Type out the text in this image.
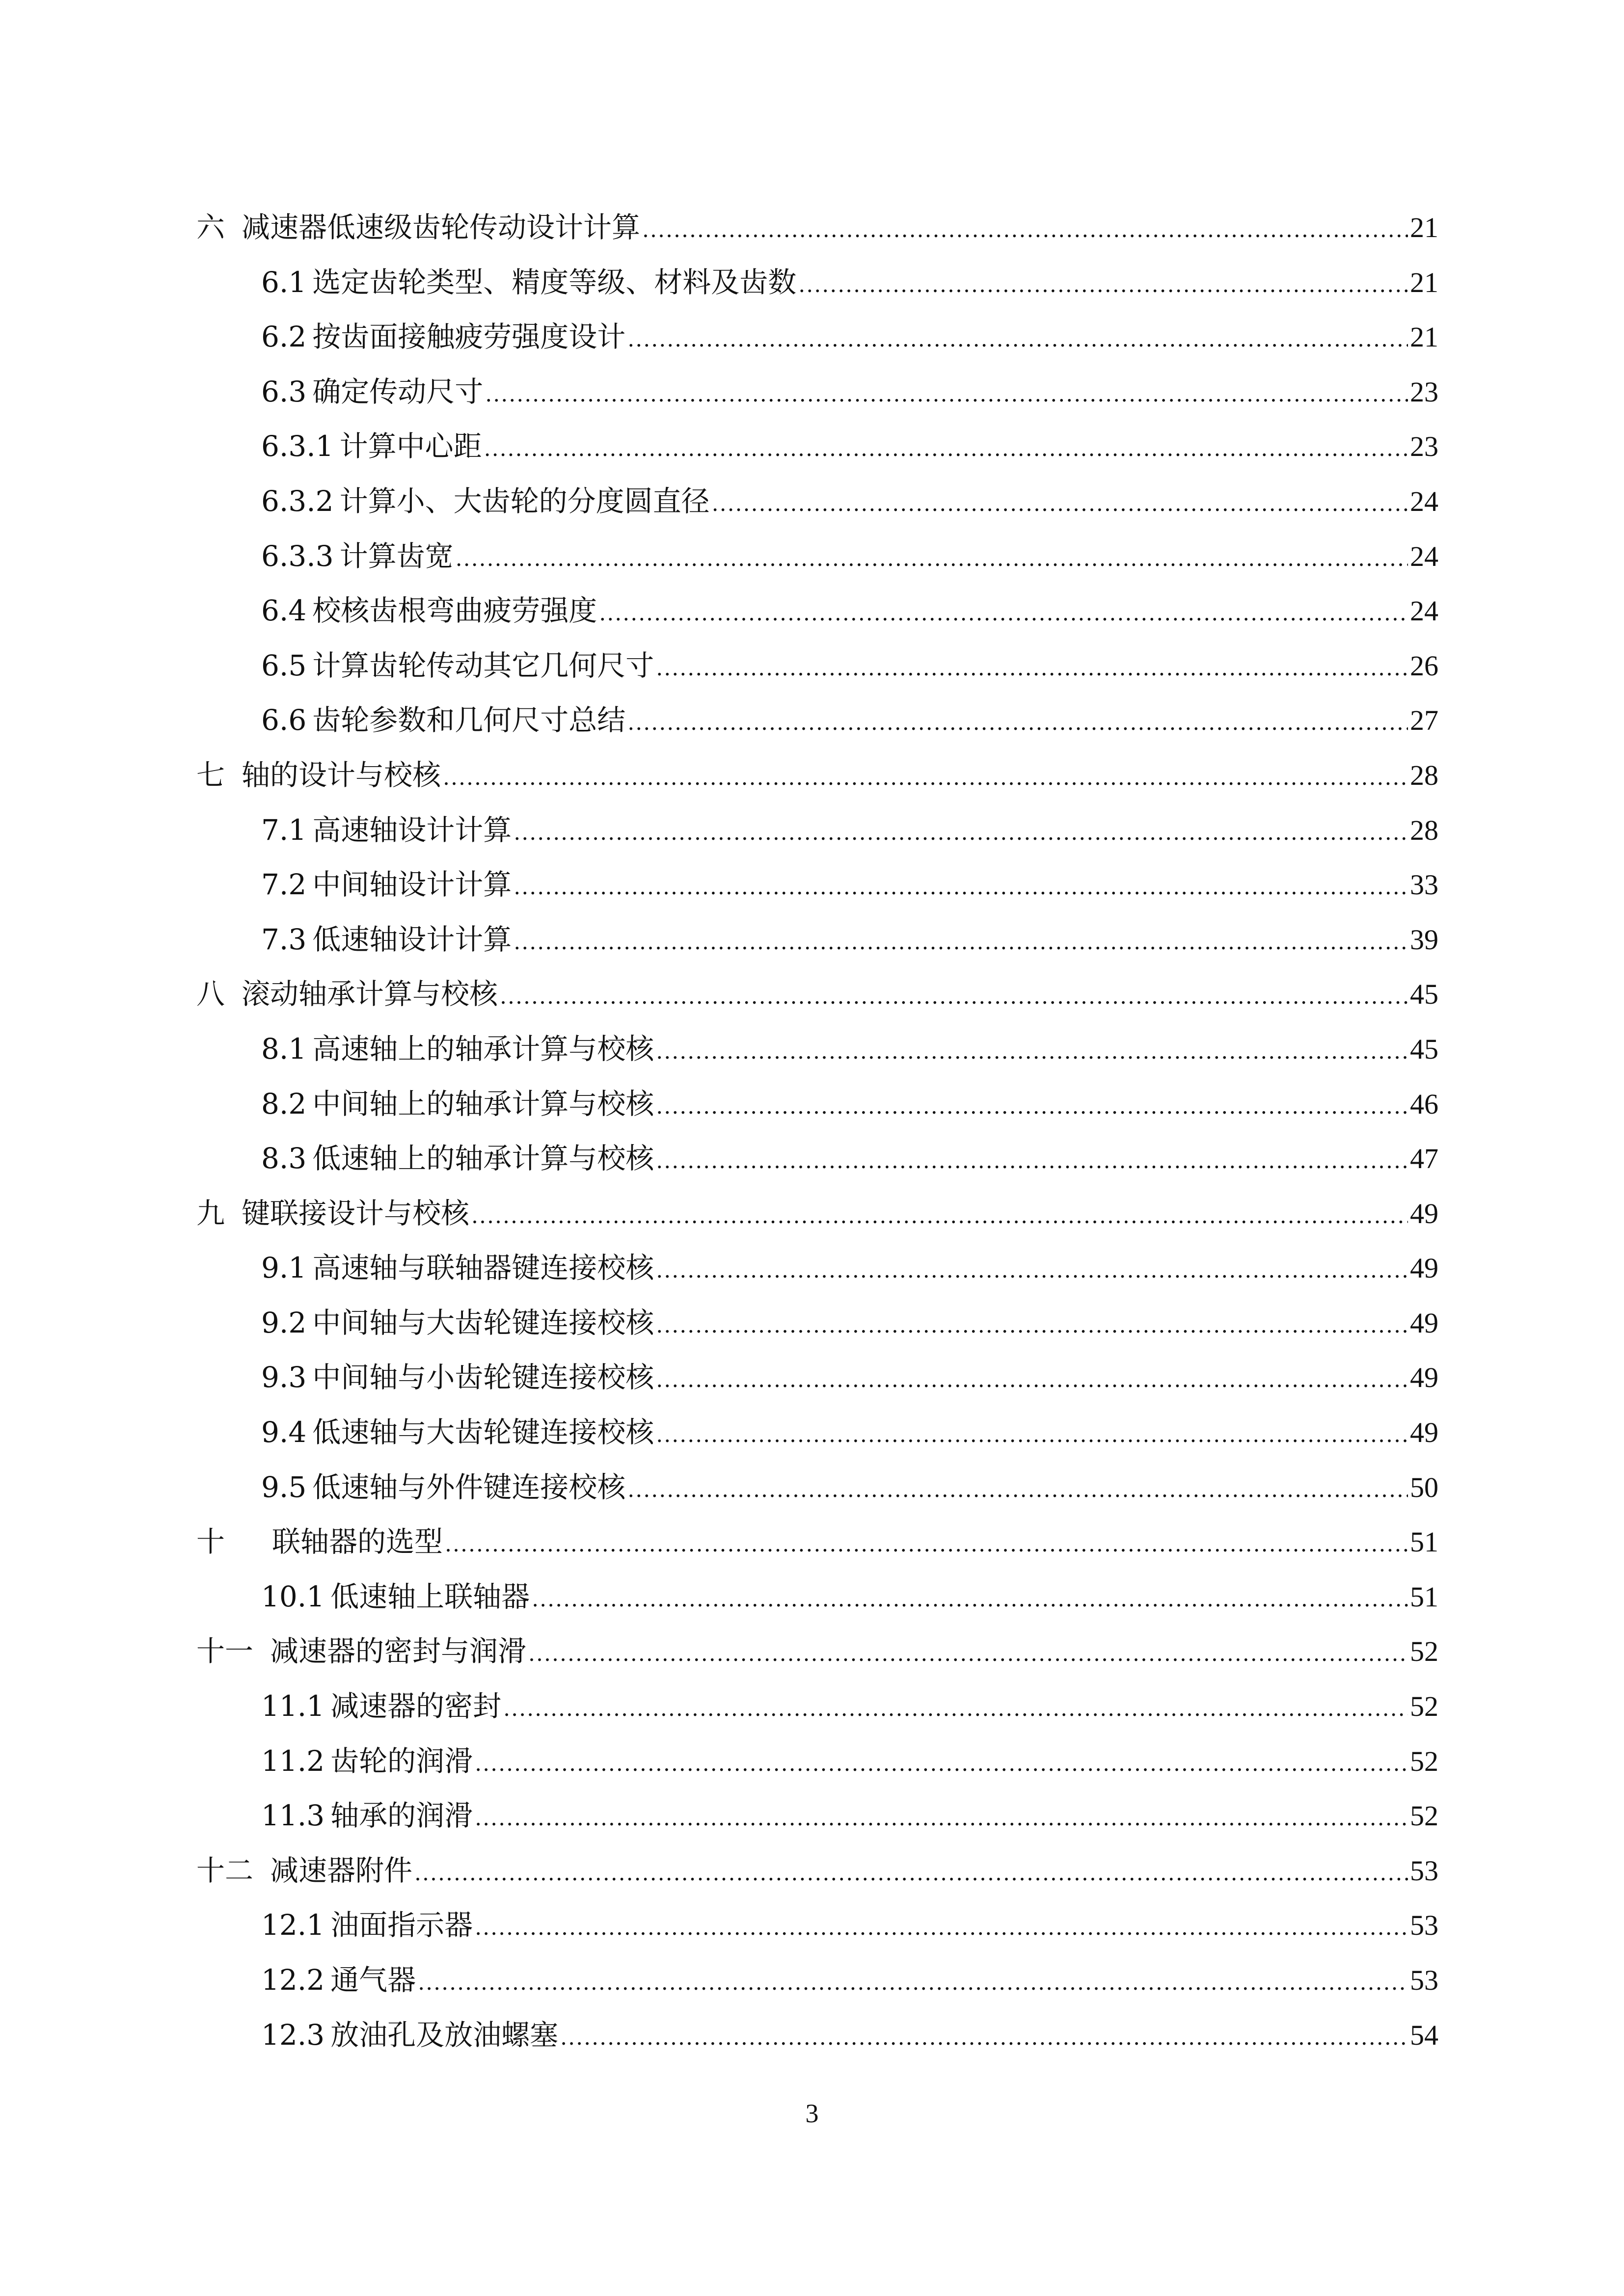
六 减速器低速级齿轮传动设计计算 .....	21
6.1 选定齿轮类型、精度等级、材料及齿数 .....	21
6.2 按齿面接触疲劳强度设计 .....	21
6.3 确定传动尺寸 .....	23
6.3.1 计算中心距 .....	23
6.3.2 计算小、大齿轮的分度圆直径 .....	24
6.3.3 计算齿宽 .....	24
6.4 校核齿根弯曲疲劳强度 .....	24
6.5 计算齿轮传动其它几何尺寸 .....	26
6.6 齿轮参数和几何尺寸总结 .....	27
七 轴的设计与校核 .....	28
7.1 高速轴设计计算 .....	28
7.2 中间轴设计计算 .....	33
7.3 低速轴设计计算 .....	39
八 滚动轴承计算与校核 .....	45
8.1 高速轴上的轴承计算与校核 .....	45
8.2 中间轴上的轴承计算与校核 .....	46
8.3 低速轴上的轴承计算与校核 .....	47
九 键联接设计与校核 .....	49
9.1 高速轴与联轴器键连接校核 .....	49
9.2 中间轴与大齿轮键连接校核 .....	49
9.3 中间轴与小齿轮键连接校核 .....	49
9.4 低速轴与大齿轮键连接校核 .....	49
9.5 低速轴与外件键连接校核 .....	50
十 联轴器的选型 .....	51
10.1 低速轴上联轴器 .....	51
十一 减速器的密封与润滑 .....	52
11.1 减速器的密封 .....	52
11.2 齿轮的润滑 .....	52
11.3 轴承的润滑 .....	52
十二 减速器附件 .....	53
12.1 油面指示器 .....	53
12.2 通气器 .....	53
12.3 放油孔及放油螺塞 .....	54
3
